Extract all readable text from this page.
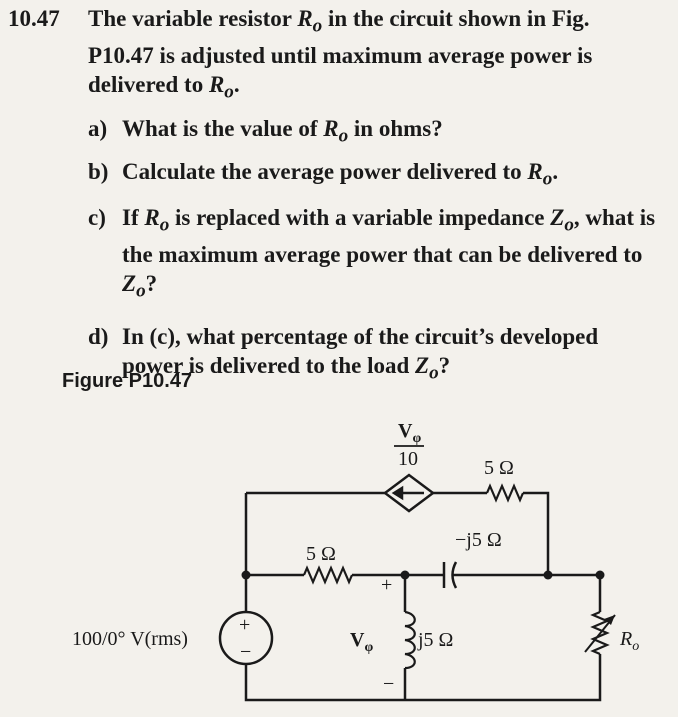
10.47 The variable resistor $R_o$ in the circuit shown in Fig. P10.47 is adjusted until maximum average power is delivered to $R_o$.
a) What is the value of $R_o$ in ohms?
b) Calculate the average power delivered to $R_o$.
c) If $R_o$ is replaced with a variable impedance $Z_o$, what is the maximum average power that can be delivered to $Z_o$?
d) In (c), what percentage of the circuit’s developed power is delivered to the load $Z_o$?
Figure P10.47
$V_\varphi$
10	5 Ω
5 Ω
−j5 Ω
j5 Ω
+
−
$V_\varphi$
+
−
100/0° V(rms)	$R_o$
